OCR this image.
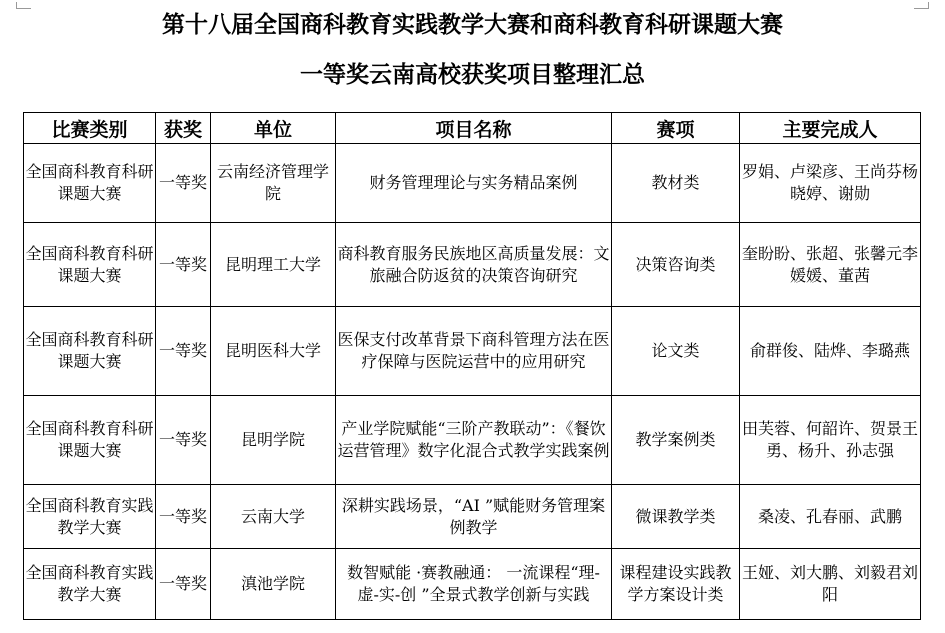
第十八届全国商科教育实践教学大赛和商科教育科研课题大赛
一等奖云南高校获奖项目整理汇总
比赛类别	获奖	单位	项目名称	赛项	主要完成人
全国商科教育科研课题大赛	一等奖	云南经济管理学院	财务管理理论与实务精品案例	教材类	罗娟、卢梁彦、王尚芬杨晓婷、谢勋
全国商科教育科研课题大赛	一等奖	昆明理工大学	商科教育服务民族地区高质量发展：文旅融合防返贫的决策咨询研究	决策咨询类	奎盼盼、张超、张馨元李媛媛、董茜
全国商科教育科研课题大赛	一等奖	昆明医科大学	医保支付改革背景下商科管理方法在医疗保障与医院运营中的应用研究	论文类	俞群俊、陆烨、李璐燕
全国商科教育科研课题大赛	一等奖	昆明学院	产业学院赋能“三阶产教联动”：《餐饮运营管理》数字化混合式教学实践案例	教学案例类	田芙蓉、何韶许、贺景王勇、杨升、孙志强
全国商科教育实践教学大赛	一等奖	云南大学	深耕实践场景，“AI ”赋能财务管理案例教学	微课教学类	桑凌、孔春丽、武鹏
全国商科教育实践教学大赛	一等奖	滇池学院	数智赋能 ·赛教融通： 一流课程“理-虚-实-创 ”全景式教学创新与实践	课程建设实践教学方案设计类	王娅、刘大鹏、刘毅君刘阳
